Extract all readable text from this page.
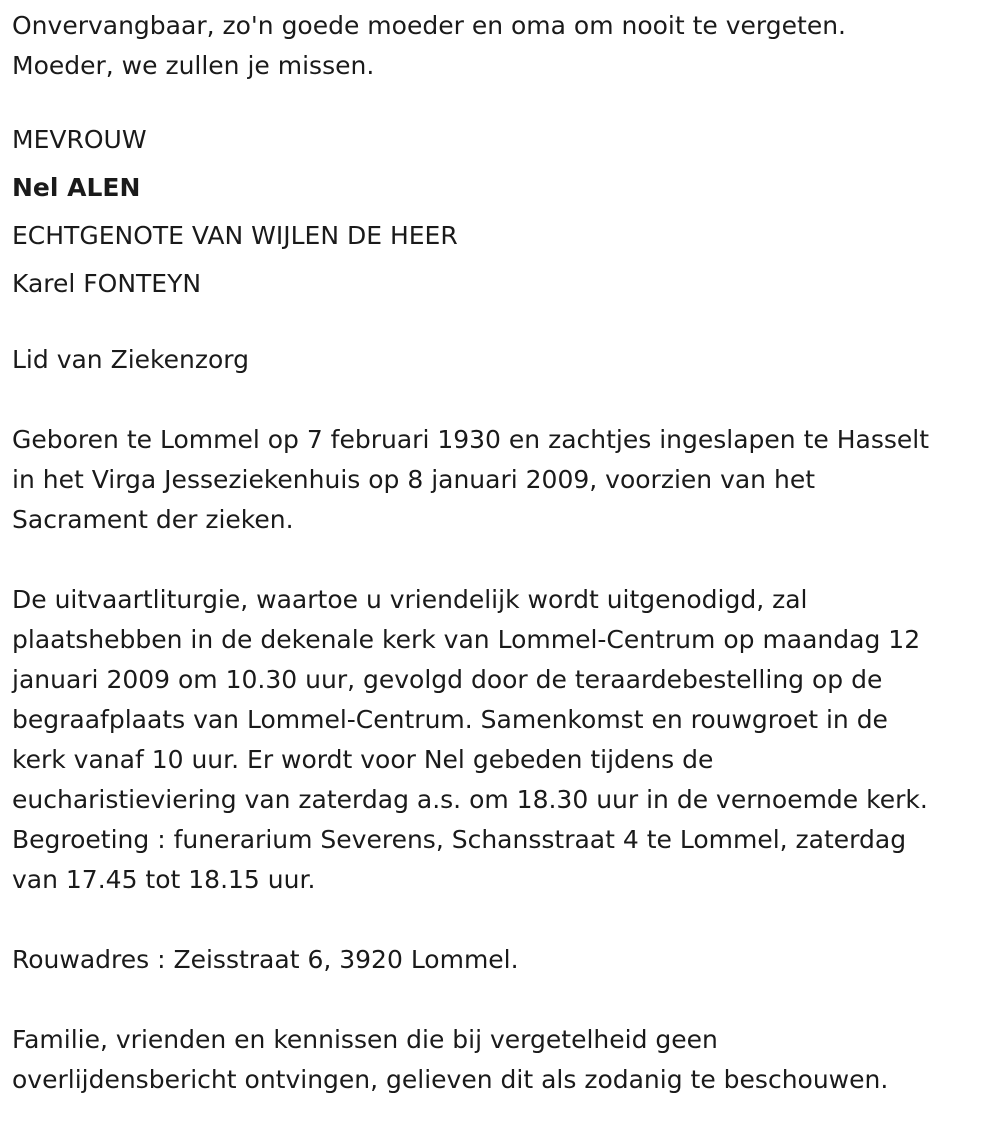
Onvervangbaar, zo'n goede moeder en oma om nooit te vergeten.

Moeder, we zullen je missen.

MEVROUW

Nel ALEN

ECHTGENOTE VAN WIJLEN DE HEER

Karel FONTEYN

Lid van Ziekenzorg

Geboren te Lommel op 7 februari 1930 en zachtjes ingeslapen te Hasselt

in het Virga Jesseziekenhuis op 8 januari 2009, voorzien van het

Sacrament der zieken.

De uitvaartliturgie, waartoe u vriendelijk wordt uitgenodigd, zal

plaatshebben in de dekenale kerk van Lommel-Centrum op maandag 12

januari 2009 om 10.30 uur, gevolgd door de teraardebestelling op de

begraafplaats van Lommel-Centrum. Samenkomst en rouwgroet in de

kerk vanaf 10 uur. Er wordt voor Nel gebeden tijdens de

eucharistieviering van zaterdag a.s. om 18.30 uur in de vernoemde kerk.

Begroeting : funerarium Severens, Schansstraat 4 te Lommel, zaterdag

van 17.45 tot 18.15 uur.

Rouwadres : Zeisstraat 6, 3920 Lommel.

Familie, vrienden en kennissen die bij vergetelheid geen

overlijdensbericht ontvingen, gelieven dit als zodanig te beschouwen.
